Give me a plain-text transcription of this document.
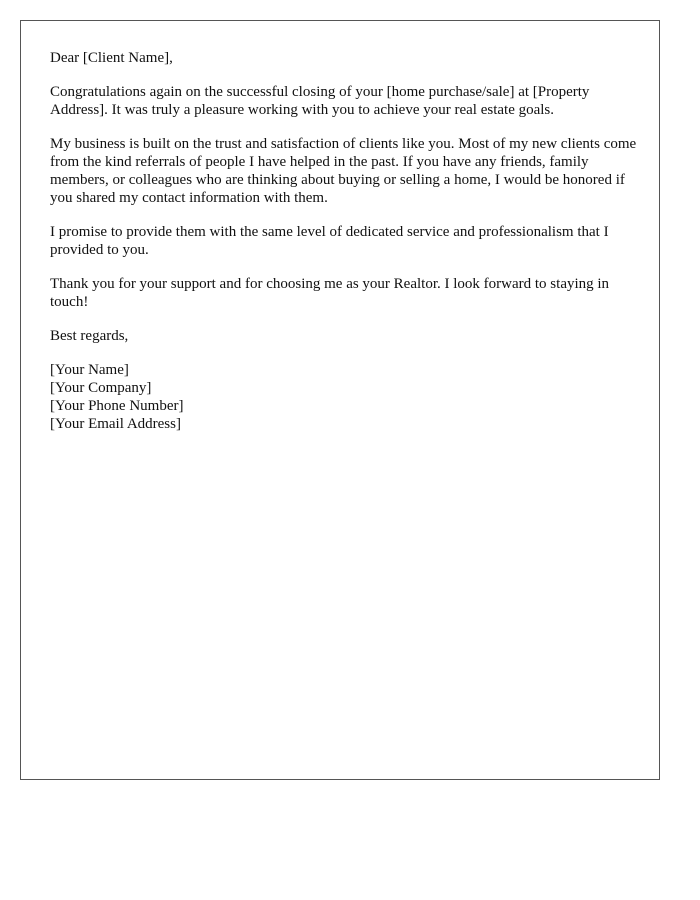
Dear [Client Name],

Congratulations again on the successful closing of your [home purchase/sale] at [Property Address]. It was truly a pleasure working with you to achieve your real estate goals.

My business is built on the trust and satisfaction of clients like you. Most of my new clients come from the kind referrals of people I have helped in the past. If you have any friends, family members, or colleagues who are thinking about buying or selling a home, I would be honored if you shared my contact information with them.

I promise to provide them with the same level of dedicated service and professionalism that I provided to you.

Thank you for your support and for choosing me as your Realtor. I look forward to staying in touch!

Best regards,

[Your Name]
[Your Company]
[Your Phone Number]
[Your Email Address]
